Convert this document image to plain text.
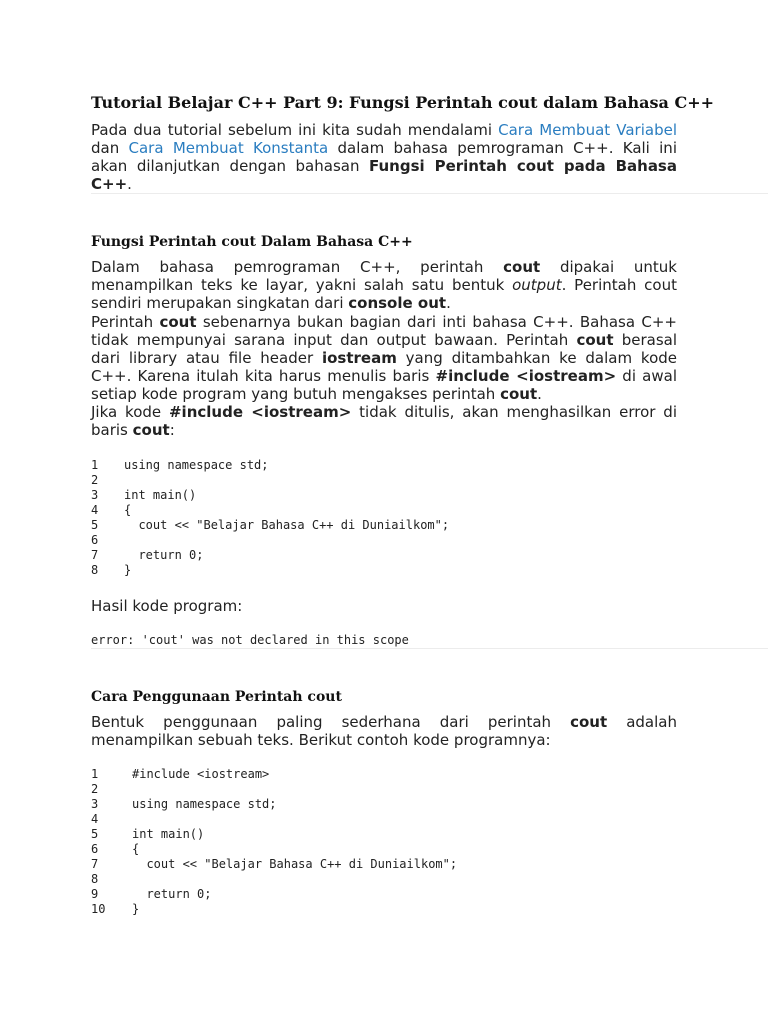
Tutorial Belajar C++ Part 9: Fungsi Perintah cout dalam Bahasa C++

Pada dua tutorial sebelum ini kita sudah mendalami Cara Membuat Variabel dan Cara Membuat Konstanta dalam bahasa pemrograman C++. Kali ini akan dilanjutkan dengan bahasan Fungsi Perintah cout pada Bahasa C++.

Fungsi Perintah cout Dalam Bahasa C++

Dalam bahasa pemrograman C++, perintah cout dipakai untuk menampilkan teks ke layar, yakni salah satu bentuk output. Perintah cout sendiri merupakan singkatan dari console out.

Perintah cout sebenarnya bukan bagian dari inti bahasa C++. Bahasa C++ tidak mempunyai sarana input dan output bawaan. Perintah cout berasal dari library atau file header iostream yang ditambahkan ke dalam kode C++. Karena itulah kita harus menulis baris #include <iostream> di awal setiap kode program yang butuh mengakses perintah cout.

Jika kode #include <iostream> tidak ditulis, akan menghasilkan error di baris cout:

1 using namespace std;
2
3 int main()
4 {
5 cout << "Belajar Bahasa C++ di Duniailkom";
6
7 return 0;
8 }
Hasil kode program:
error: 'cout' was not declared in this scope
Cara Penggunaan Perintah cout

Bentuk penggunaan paling sederhana dari perintah cout adalah menampilkan sebuah teks. Berikut contoh kode programnya:

1	#include <iostream>
2
3	using namespace std;
4
5	int main()
6	{
7	cout << "Belajar Bahasa C++ di Duniailkom";
8
9	return 0;
10 }
